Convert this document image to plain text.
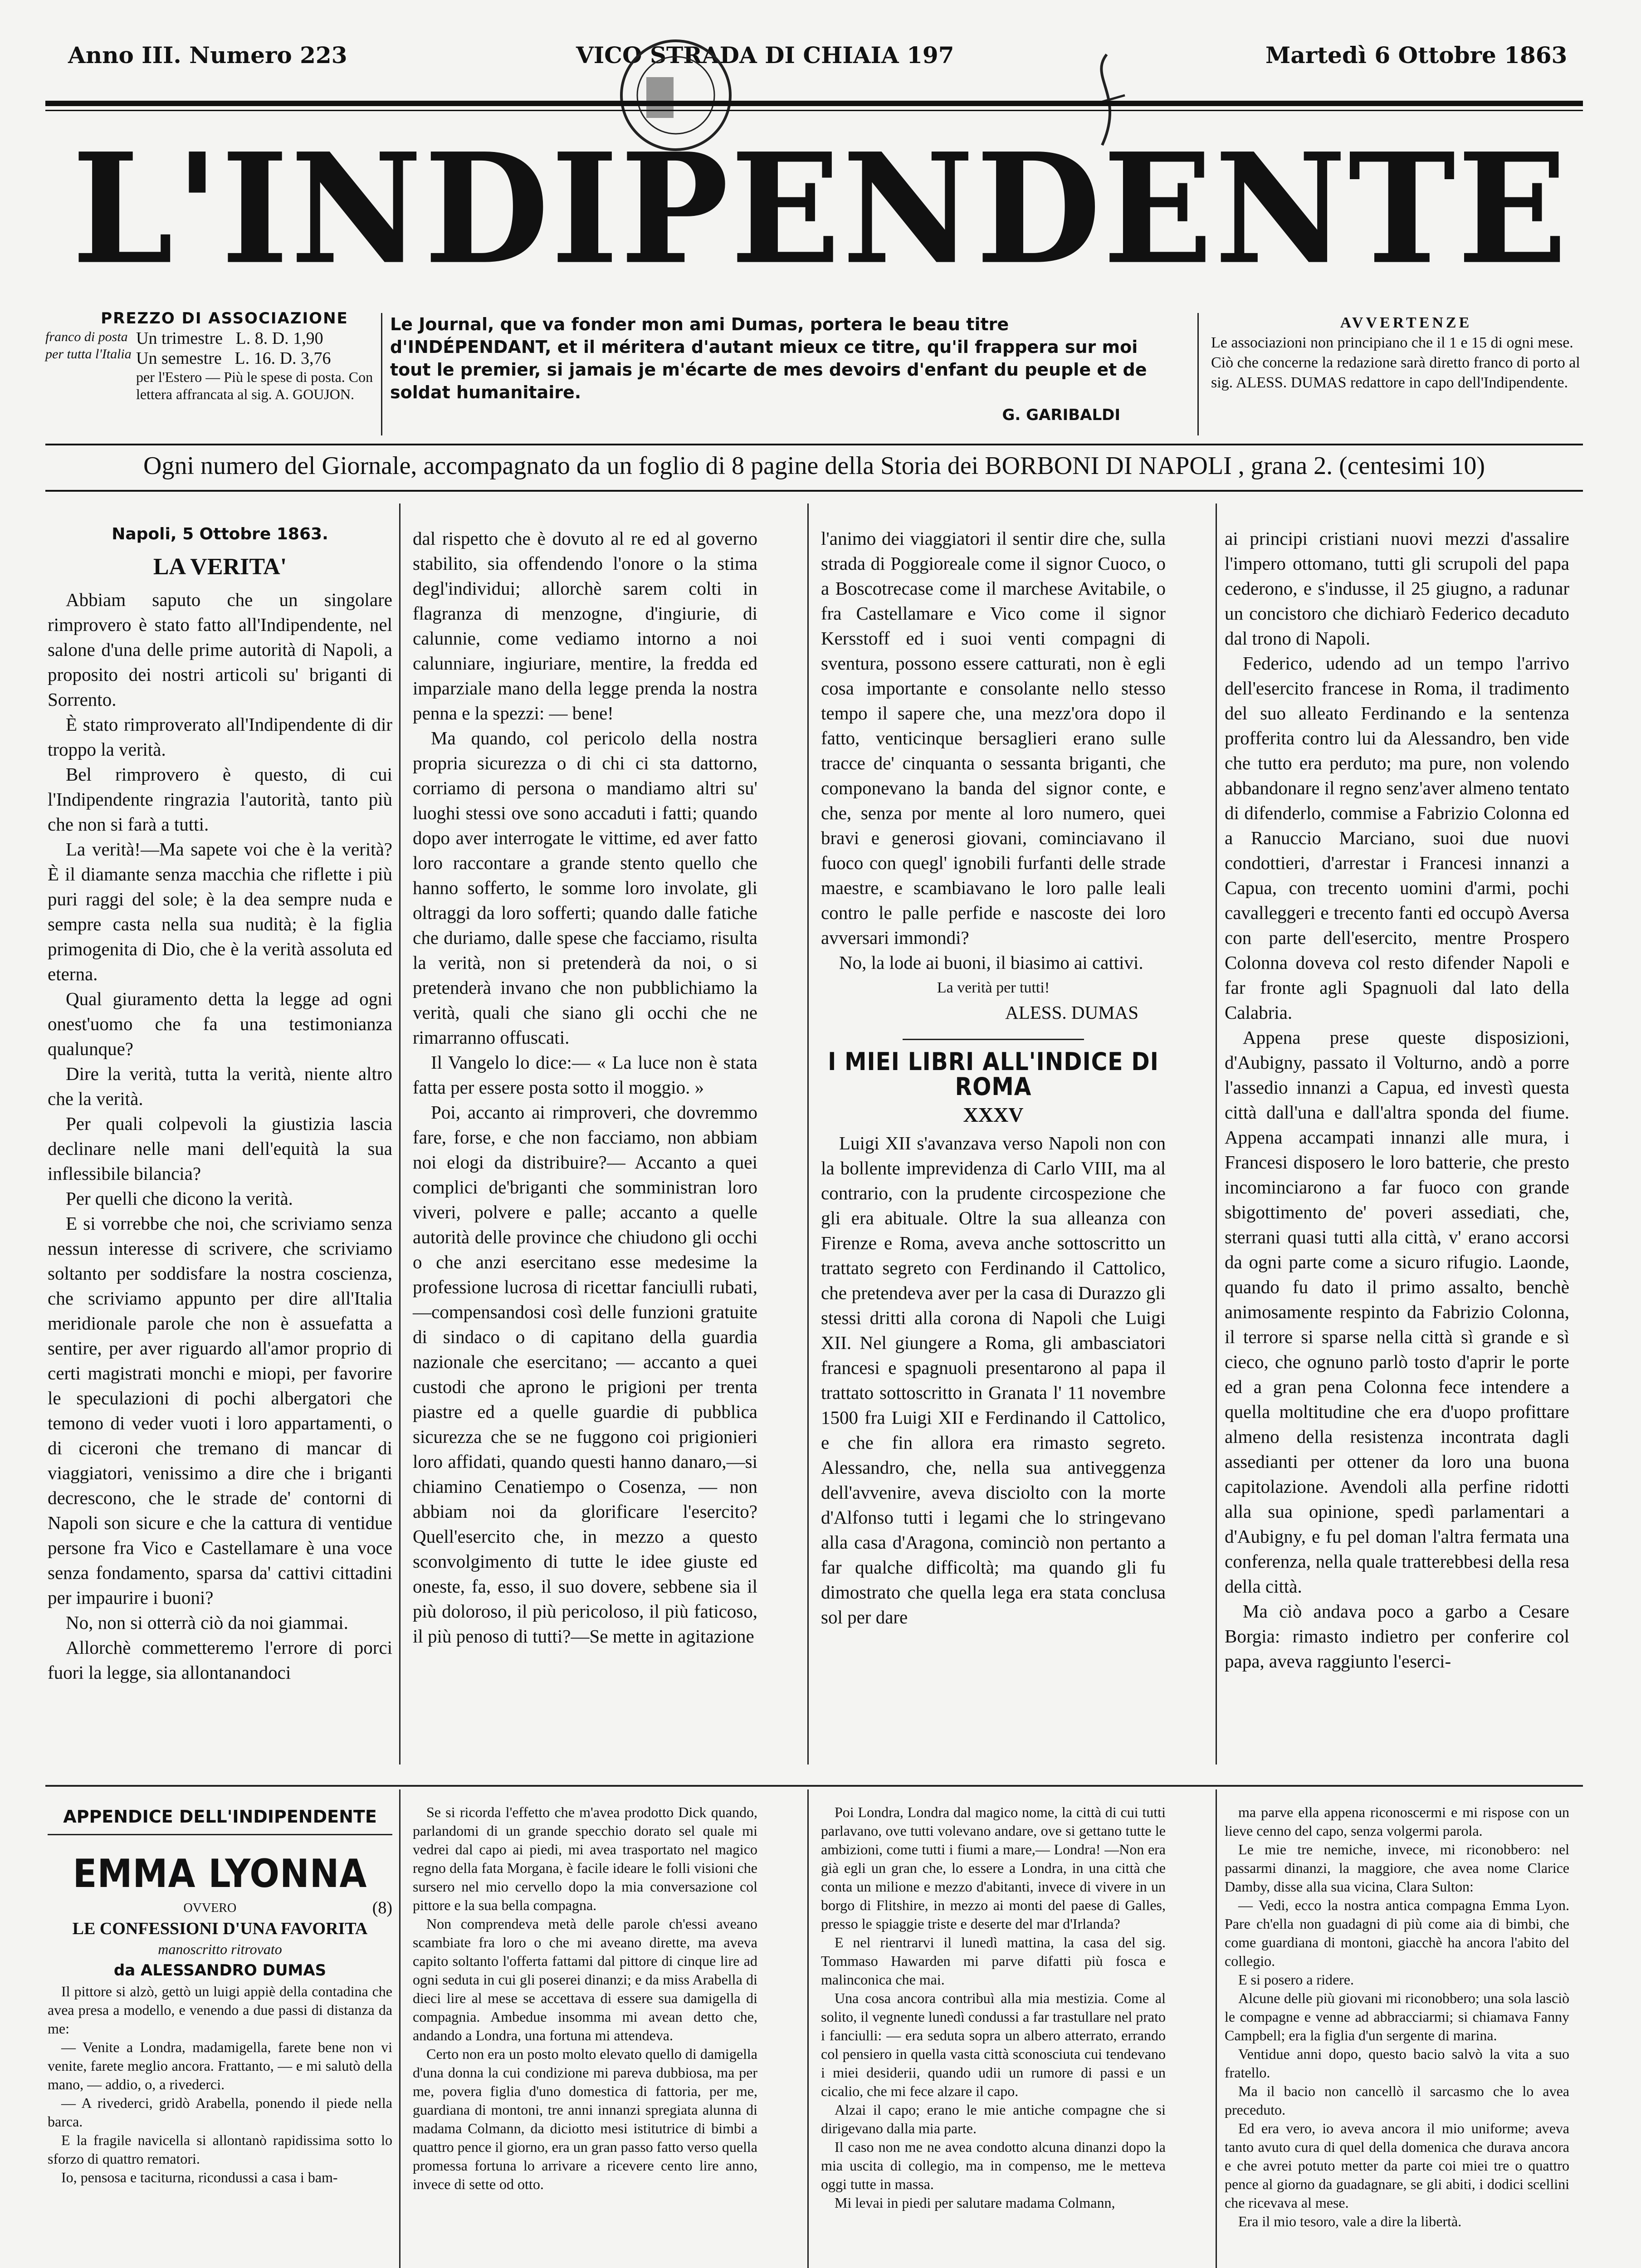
Anno III. Numero 223	VICO STRADA DI CHIAIA 197	Martedì 6 Ottobre 1863
L'INDIPENDENTE
PREZZO DI ASSOCIAZIONE
franco di posta per tutta l'Italia
Un trimestre L. 8. D. 1,90
Un semestre L. 16. D. 3,76
per l'Estero — Più le spese di posta. Con lettera affrancata al sig. A. GOUJON.
Le Journal, que va fonder mon ami Dumas, portera le beau titre d'INDÉPENDANT, et il méritera d'autant mieux ce titre, qu'il frappera sur moi tout le premier, si jamais je m'écarte de mes devoirs d'enfant du peuple et de soldat humanitaire.
G. GARIBALDI
AVVERTENZE
Le associazioni non principiano che il 1 e 15 di ogni mese.
Ciò che concerne la redazione sarà diretto franco di porto al sig. ALESS. DUMAS redattore in capo dell'Indipendente.
Ogni numero del Giornale, accompagnato da un foglio di 8 pagine della Storia dei BORBONI DI NAPOLI , grana 2. (centesimi 10)

Napoli, 5 Ottobre 1863.

LA VERITA'

Abbiam saputo che un singolare rimprovero è stato fatto all'Indipendente, nel salone d'una delle prime autorità di Napoli, a proposito dei nostri articoli su' briganti di Sorrento.

È stato rimproverato all'Indipendente di dir troppo la verità.

Bel rimprovero è questo, di cui l'Indipendente ringrazia l'autorità, tanto più che non si farà a tutti.

La verità!—Ma sapete voi che è la verità? È il diamante senza macchia che riflette i più puri raggi del sole; è la dea sempre nuda e sempre casta nella sua nudità; è la figlia primogenita di Dio, che è la verità assoluta ed eterna.

Qual giuramento detta la legge ad ogni onest'uomo che fa una testimonianza qualunque?

Dire la verità, tutta la verità, niente altro che la verità.

Per quali colpevoli la giustizia lascia declinare nelle mani dell'equità la sua inflessibile bilancia?

Per quelli che dicono la verità.

E si vorrebbe che noi, che scriviamo senza nessun interesse di scrivere, che scriviamo soltanto per soddisfare la nostra coscienza, che scriviamo appunto per dire all'Italia meridionale parole che non è assuefatta a sentire, per aver riguardo all'amor proprio di certi magistrati monchi e miopi, per favorire le speculazioni di pochi albergatori che temono di veder vuoti i loro appartamenti, o di ciceroni che tremano di mancar di viaggiatori, venissimo a dire che i briganti decrescono, che le strade de' contorni di Napoli son sicure e che la cattura di ventidue persone fra Vico e Castellamare è una voce senza fondamento, sparsa da' cattivi cittadini per impaurire i buoni?

No, non si otterrà ciò da noi giammai.

Allorchè commetteremo l'errore di porci fuori la legge, sia allontanandoci

dal rispetto che è dovuto al re ed al governo stabilito, sia offendendo l'onore o la stima degl'individui; allorchè sarem colti in flagranza di menzogne, d'ingiurie, di calunnie, come vediamo intorno a noi calunniare, ingiuriare, mentire, la fredda ed imparziale mano della legge prenda la nostra penna e la spezzi: — bene!

Ma quando, col pericolo della nostra propria sicurezza o di chi ci sta dattorno, corriamo di persona o mandiamo altri su' luoghi stessi ove sono accaduti i fatti; quando dopo aver interrogate le vittime, ed aver fatto loro raccontare a grande stento quello che hanno sofferto, le somme loro involate, gli oltraggi da loro sofferti; quando dalle fatiche che duriamo, dalle spese che facciamo, risulta la verità, non si pretenderà da noi, o si pretenderà invano che non pubblichiamo la verità, quali che siano gli occhi che ne rimarranno offuscati.

Il Vangelo lo dice:— « La luce non è stata fatta per essere posta sotto il moggio. »

Poi, accanto ai rimproveri, che dovremmo fare, forse, e che non facciamo, non abbiam noi elogi da distribuire?— Accanto a quei complici de'briganti che somministran loro viveri, polvere e palle; accanto a quelle autorità delle province che chiudono gli occhi o che anzi esercitano esse medesime la professione lucrosa di ricettar fanciulli rubati,—compensandosi così delle funzioni gratuite di sindaco o di capitano della guardia nazionale che esercitano; — accanto a quei custodi che aprono le prigioni per trenta piastre ed a quelle guardie di pubblica sicurezza che se ne fuggono coi prigionieri loro affidati, quando questi hanno danaro,—si chiamino Cenatiempo o Cosenza, — non abbiam noi da glorificare l'esercito? Quell'esercito che, in mezzo a questo sconvolgimento di tutte le idee giuste ed oneste, fa, esso, il suo dovere, sebbene sia il più doloroso, il più pericoloso, il più faticoso, il più penoso di tutti?—Se mette in agitazione

l'animo dei viaggiatori il sentir dire che, sulla strada di Poggioreale come il signor Cuoco, o a Boscotrecase come il marchese Avitabile, o fra Castellamare e Vico come il signor Kersstoff ed i suoi venti compagni di sventura, possono essere catturati, non è egli cosa importante e consolante nello stesso tempo il sapere che, una mezz'ora dopo il fatto, venticinque bersaglieri erano sulle tracce de' cinquanta o sessanta briganti, che componevano la banda del signor conte, e che, senza por mente al loro numero, quei bravi e generosi giovani, cominciavano il fuoco con quegl' ignobili furfanti delle strade maestre, e scambiavano le loro palle leali contro le palle perfide e nascoste dei loro avversari immondi?

No, la lode ai buoni, il biasimo ai cattivi.

La verità per tutti!

ALESS. DUMAS

I MIEI LIBRI ALL'INDICE DI ROMA

XXXV

Luigi XII s'avanzava verso Napoli non con la bollente imprevidenza di Carlo VIII, ma al contrario, con la prudente circospezione che gli era abituale. Oltre la sua alleanza con Firenze e Roma, aveva anche sottoscritto un trattato segreto con Ferdinando il Cattolico, che pretendeva aver per la casa di Durazzo gli stessi dritti alla corona di Napoli che Luigi XII. Nel giungere a Roma, gli ambasciatori francesi e spagnuoli presentarono al papa il trattato sottoscritto in Granata l' 11 novembre 1500 fra Luigi XII e Ferdinando il Cattolico, e che fin allora era rimasto segreto. Alessandro, che, nella sua antiveggenza dell'avvenire, aveva disciolto con la morte d'Alfonso tutti i legami che lo stringevano alla casa d'Aragona, cominciò non pertanto a far qualche difficoltà; ma quando gli fu dimostrato che quella lega era stata conclusa sol per dare

ai principi cristiani nuovi mezzi d'assalire l'impero ottomano, tutti gli scrupoli del papa cederono, e s'indusse, il 25 giugno, a radunar un concistoro che dichiarò Federico decaduto dal trono di Napoli.

Federico, udendo ad un tempo l'arrivo dell'esercito francese in Roma, il tradimento del suo alleato Ferdinando e la sentenza profferita contro lui da Alessandro, ben vide che tutto era perduto; ma pure, non volendo abbandonare il regno senz'aver almeno tentato di difenderlo, commise a Fabrizio Colonna ed a Ranuccio Marciano, suoi due nuovi condottieri, d'arrestar i Francesi innanzi a Capua, con trecento uomini d'armi, pochi cavalleggeri e trecento fanti ed occupò Aversa con parte dell'esercito, mentre Prospero Colonna doveva col resto difender Napoli e far fronte agli Spagnuoli dal lato della Calabria.

Appena prese queste disposizioni, d'Aubigny, passato il Volturno, andò a porre l'assedio innanzi a Capua, ed investì questa città dall'una e dall'altra sponda del fiume. Appena accampati innanzi alle mura, i Francesi disposero le loro batterie, che presto incominciarono a far fuoco con grande sbigottimento de' poveri assediati, che, sterrani quasi tutti alla città, v' erano accorsi da ogni parte come a sicuro rifugio. Laonde, quando fu dato il primo assalto, benchè animosamente respinto da Fabrizio Colonna, il terrore si sparse nella città sì grande e sì cieco, che ognuno parlò tosto d'aprir le porte ed a gran pena Colonna fece intendere a quella moltitudine che era d'uopo profittare almeno della resistenza incontrata dagli assedianti per ottener da loro una buona capitolazione. Avendoli alla perfine ridotti alla sua opinione, spedì parlamentari a d'Aubigny, e fu pel doman l'altra fermata una conferenza, nella quale tratterebbesi della resa della città.

Ma ciò andava poco a garbo a Cesare Borgia: rimasto indietro per conferire col papa, aveva raggiunto l'eserci-

APPENDICE DELL'INDIPENDENTE

EMMA LYONNA

OVVERO	(8)

LE CONFESSIONI D'UNA FAVORITA

manoscritto ritrovato

da ALESSANDRO DUMAS

Il pittore si alzò, gettò un luigi appiè della contadina che avea presa a modello, e venendo a due passi di distanza da me:

— Venite a Londra, madamigella, farete bene non vi venite, farete meglio ancora. Frattanto, — e mi salutò della mano, — addio, o, a rivederci.

— A rivederci, gridò Arabella, ponendo il piede nella barca.

E la fragile navicella si allontanò rapidissima sotto lo sforzo di quattro rematori.

Io, pensosa e taciturna, ricondussi a casa i bam-

Se si ricorda l'effetto che m'avea prodotto Dick quando, parlandomi di un grande specchio dorato sel quale mi vedrei dal capo ai piedi, mi avea trasportato nel magico regno della fata Morgana, è facile ideare le folli visioni che sursero nel mio cervello dopo la mia conversazione col pittore e la sua bella compagna.

Non comprendeva metà delle parole ch'essi aveano scambiate fra loro o che mi aveano dirette, ma aveva capito soltanto l'offerta fattami dal pittore di cinque lire ad ogni seduta in cui gli poserei dinanzi; e da miss Arabella di dieci lire al mese se accettava di essere sua damigella di compagnia. Ambedue insomma mi avean detto che, andando a Londra, una fortuna mi attendeva.

Certo non era un posto molto elevato quello di damigella d'una donna la cui condizione mi pareva dubbiosa, ma per me, povera figlia d'uno domestica di fattoria, per me, guardiana di montoni, tre anni innanzi spregiata alunna di madama Colmann, da diciotto mesi istitutrice di bimbi a quattro pence il giorno, era un gran passo fatto verso quella promessa fortuna lo arrivare a ricevere cento lire anno, invece di sette od otto.

Poi Londra, Londra dal magico nome, la città di cui tutti parlavano, ove tutti volevano andare, ove si gettano tutte le ambizioni, come tutti i fiumi a mare,— Londra! —Non era già egli un gran che, lo essere a Londra, in una città che conta un milione e mezzo d'abitanti, invece di vivere in un borgo di Flitshire, in mezzo ai monti del paese di Galles, presso le spiaggie triste e deserte del mar d'Irlanda?

E nel rientrarvi il lunedì mattina, la casa del sig. Tommaso Hawarden mi parve difatti più fosca e malinconica che mai.

Una cosa ancora contribuì alla mia mestizia. Come al solito, il vegnente lunedì condussi a far trastullare nel prato i fanciulli: — era seduta sopra un albero atterrato, errando col pensiero in quella vasta città sconosciuta cui tendevano i miei desiderii, quando udii un rumore di passi e un cicalio, che mi fece alzare il capo.

Alzai il capo; erano le mie antiche compagne che si dirigevano dalla mia parte.

Il caso non me ne avea condotto alcuna dinanzi dopo la mia uscita di collegio, ma in compenso, me le metteva oggi tutte in massa.

Mi levai in piedi per salutare madama Colmann,

ma parve ella appena riconoscermi e mi rispose con un lieve cenno del capo, senza volgermi parola.

Le mie tre nemiche, invece, mi riconobbero: nel passarmi dinanzi, la maggiore, che avea nome Clarice Damby, disse alla sua vicina, Clara Sulton:

— Vedi, ecco la nostra antica compagna Emma Lyon. Pare ch'ella non guadagni di più come aia di bimbi, che come guardiana di montoni, giacchè ha ancora l'abito del collegio.

E si posero a ridere.

Alcune delle più giovani mi riconobbero; una sola lasciò le compagne e venne ad abbracciarmi; si chiamava Fanny Campbell; era la figlia d'un sergente di marina.

Ventidue anni dopo, questo bacio salvò la vita a suo fratello.

Ma il bacio non cancellò il sarcasmo che lo avea preceduto.

Ed era vero, io aveva ancora il mio uniforme; aveva tanto avuto cura di quel della domenica che durava ancora e che avrei potuto metter da parte coi miei tre o quattro pence al giorno da guadagnare, se gli abiti, i dodici scellini che ricevava al mese.

Era il mio tesoro, vale a dire la libertà.
